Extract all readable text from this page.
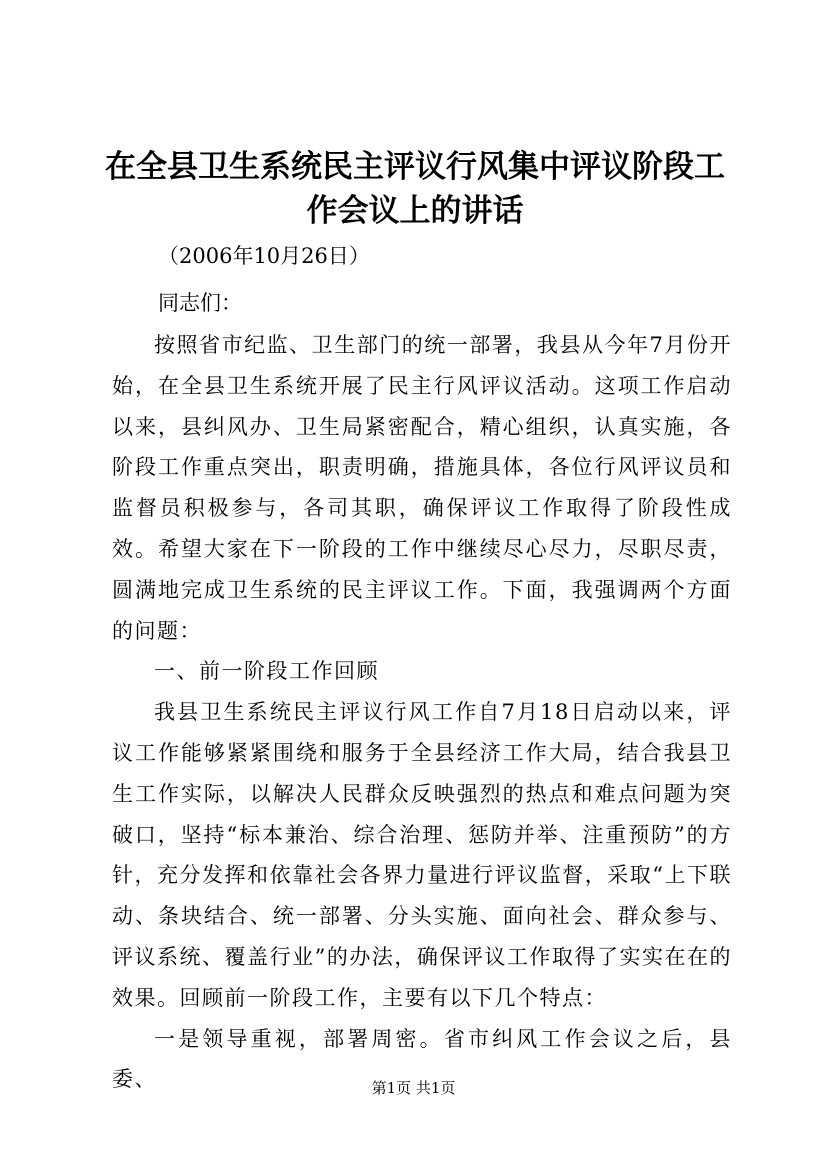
在全县卫生系统民主评议行风集中评议阶段工作会议上的讲话
（2006年10月26日）
同志们：

按照省市纪监、卫生部门的统一部署，我县从今年7月份开始，在全县卫生系统开展了民主行风评议活动。这项工作启动以来，县纠风办、卫生局紧密配合，精心组织，认真实施，各阶段工作重点突出，职责明确，措施具体，各位行风评议员和监督员积极参与，各司其职，确保评议工作取得了阶段性成效。希望大家在下一阶段的工作中继续尽心尽力，尽职尽责，圆满地完成卫生系统的民主评议工作。下面，我强调两个方面的问题：

一、前一阶段工作回顾

我县卫生系统民主评议行风工作自7月18日启动以来，评议工作能够紧紧围绕和服务于全县经济工作大局，结合我县卫生工作实际，以解决人民群众反映强烈的热点和难点问题为突破口，坚持“标本兼治、综合治理、惩防并举、注重预防”的方针，充分发挥和依靠社会各界力量进行评议监督，采取“上下联动、条块结合、统一部署、分头实施、面向社会、群众参与、评议系统、覆盖行业”的办法，确保评议工作取得了实实在在的效果。回顾前一阶段工作，主要有以下几个特点：

一是领导重视，部署周密。省市纠风工作会议之后，县委、	第1页 共1页
